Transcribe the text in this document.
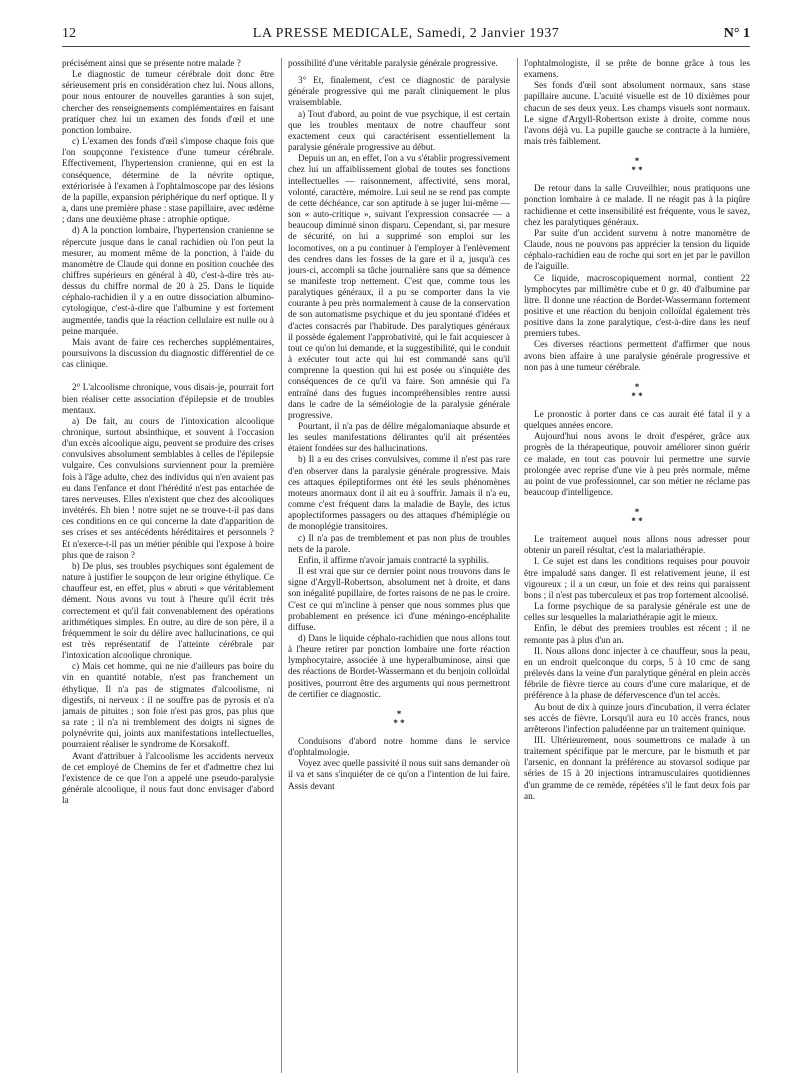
12	LA PRESSE MEDICALE, Samedi, 2 Janvier 1937	N° 1

précisément ainsi que se présente notre malade ?

Le diagnostic de tumeur cérébrale doit donc être sérieusement pris en considération chez lui. Nous allons, pour nous entourer de nouvelles garanties à son sujet, chercher des renseignements complémentaires en faisant pratiquer chez lui un examen des fonds d'œil et une ponction lombaire.

c) L'examen des fonds d'œil s'impose chaque fois que l'on soupçonne l'existence d'une tumeur cérébrale. Effectivement, l'hypertension cranienne, qui en est la conséquence, détermine de la névrite optique, extériorisée à l'examen à l'ophtalmoscope par des lésions de la papille, expansion périphérique du nerf optique. Il y a, dans une première phase : stase papillaire, avec œdème ; dans une deuxième phase : atrophie optique.

d) A la ponction lombaire, l'hypertension cranienne se répercute jusque dans le canal rachidien où l'on peut la mesurer, au moment même de la ponction, à l'aide du manomètre de Claude qui donne en position couchée des chiffres supérieurs en général à 40, c'est-à-dire très au-dessus du chiffre normal de 20 à 25. Dans le liquide céphalo-rachidien il y a en outre dissociation albumino-cytologique, c'est-à-dire que l'albumine y est fortement augmentée, tandis que la réaction cellulaire est nulle ou à peine marquée.

Mais avant de faire ces recherches supplémentaires, poursuivons la discussion du diagnostic différentiel de ce cas clinique.

2° L'alcoolisme chronique, vous disais-je, pourrait fort bien réaliser cette association d'épilepsie et de troubles mentaux.

a) De fait, au cours de l'intoxication alcoolique chronique, surtout absinthique, et souvent à l'occasion d'un excès alcoolique aigu, peuvent se produire des crises convulsives absolument semblables à celles de l'épilepsie vulgaire. Ces convulsions surviennent pour la première fois à l'âge adulte, chez des individus qui n'en avaient pas eu dans l'enfance et dont l'hérédité n'est pas entachée de tares nerveuses. Elles n'existent que chez des alcooliques invétérés. Eh bien ! notre sujet ne se trouve-t-il pas dans ces conditions en ce qui concerne la date d'apparition de ses crises et ses antécédents héréditaires et personnels ? Et n'exerce-t-il pas un métier pénible qui l'expose à boire plus que de raison ?

b) De plus, ses troubles psychiques sont également de nature à justifier le soupçon de leur origine éthylique. Ce chauffeur est, en effet, plus « abruti » que véritablement dément. Nous avons vu tout à l'heure qu'il écrit très correctement et qu'il fait convenablement des opérations arithmétiques simples. En outre, au dire de son père, il a fréquemment le soir du délire avec hallucinations, ce qui est très représentatif de l'atteinte cérébrale par l'intoxication alcoolique chronique.

c) Mais cet homme, qui ne nie d'ailleurs pas boire du vin en quantité notable, n'est pas franchement un éthylique. Il n'a pas de stigmates d'alcoolisme, ni digestifs, ni nerveux : il ne souffre pas de pyrosis et n'a jamais de pituites ; son foie n'est pas gros, pas plus que sa rate ; il n'a ni tremblement des doigts ni signes de polynévrite qui, joints aux manifestations intellectuelles, pourraient réaliser le syndrome de Korsakoff.

Avant d'attribuer à l'alcoolisme les accidents nerveux de cet employé de Chemins de fer et d'admettre chez lui l'existence de ce que l'on a appelé une pseudo-paralysie générale alcoolique, il nous faut donc envisager d'abord la

possibilité d'une véritable paralysie générale progressive.

3° Et, finalement, c'est ce diagnostic de paralysie générale progressive qui me paraît cliniquement le plus vraisemblable.

a) Tout d'abord, au point de vue psychique, il est certain que les troubles mentaux de notre chauffeur sont exactement ceux qui caractérisent essentiellement la paralysie générale progressive au début.

Depuis un an, en effet, l'on a vu s'établir progressivement chez lui un affaiblissement global de toutes ses fonctions intellectuelles — raisonnement, affectivité, sens moral, volonté, caractère, mémoire. Lui seul ne se rend pas compte de cette déchéance, car son aptitude à se juger lui-même — son « auto-critique », suivant l'expression consacrée — a beaucoup diminué sinon disparu. Cependant, si, par mesure de sécurité, on lui a supprimé son emploi sur les locomotives, on a pu continuer à l'employer à l'enlèvement des cendres dans les fosses de la gare et il a, jusqu'à ces jours-ci, accompli sa tâche journalière sans que sa démence se manifeste trop nettement. C'est que, comme tous les paralytiques généraux, il a pu se comporter dans la vie courante à peu près normalement à cause de la conservation de son automatisme psychique et du jeu spontané d'idées et d'actes consacrés par l'habitude. Des paralytiques généraux il possède également l'approbativité, qui le fait acquiescer à tout ce qu'on lui demande, et la suggestibilité, qui le conduit à exécuter tout acte qui lui est commandé sans qu'il comprenne la question qui lui est posée ou s'inquiète des conséquences de ce qu'il va faire. Son amnésie qui l'a entraîné dans des fugues incompréhensibles rentre aussi dans le cadre de la séméiologie de la paralysie générale progressive.

Pourtant, il n'a pas de délire mégalomaniaque absurde et les seules manifestations délirantes qu'il ait présentées étaient fondées sur des hallucinations.

b) Il a eu des crises convulsives, comme il n'est pas rare d'en observer dans la paralysie générale progressive. Mais ces attaques épileptiformes ont été les seuls phénomènes moteurs anormaux dont il ait eu à souffrir. Jamais il n'a eu, comme c'est fréquent dans la maladie de Bayle, des ictus apoplectiformes passagers ou des attaques d'hémiplégie ou de monoplégie transitoires.

c) Il n'a pas de tremblement et pas non plus de troubles nets de la parole.

Enfin, il affirme n'avoir jamais contracté la syphilis.

Il est vrai que sur ce dernier point nous trouvons dans le signe d'Argyll-Robertson, absolument net à droite, et dans son inégalité pupillaire, de fortes raisons de ne pas le croire. C'est ce qui m'incline à penser que nous sommes plus que probablement en présence ici d'une méningo-encéphalite diffuse.

d) Dans le liquide céphalo-rachidien que nous allons tout à l'heure retirer par ponction lombaire une forte réaction lymphocytaire, associée à une hyperalbuminose, ainsi que des réactions de Bordet-Wassermann et du benjoin colloïdal positives, pourront être des arguments qui nous permettront de certifier ce diagnostic.

*
* *

Conduisons d'abord notre homme dans le service d'ophtalmologie.

Voyez avec quelle passivité il nous suit sans demander où il va et sans s'inquiéter de ce qu'on a l'intention de lui faire. Assis devant

l'ophtalmologiste, il se prête de bonne grâce à tous les examens.

Ses fonds d'œil sont absolument normaux, sans stase papillaire aucune. L'acuité visuelle est de 10 dixièmes pour chacun de ses deux yeux. Les champs visuels sont normaux. Le signe d'Argyll-Robertson existe à droite, comme nous l'avons déjà vu. La pupille gauche se contracte à la lumière, mais très faiblement.

*
* *

De retour dans la salle Cruveilhier, nous pratiquons une ponction lombaire à ce malade. Il ne réagit pas à la piqûre rachidienne et cette insensibilité est fréquente, vous le savez, chez les paralytiques généraux.

Par suite d'un accident survenu à notre manomètre de Claude, nous ne pouvons pas apprécier la tension du liquide céphalo-rachidien eau de roche qui sort en jet par le pavillon de l'aiguille.

Ce liquide, macroscopiquement normal, contient 22 lymphocytes par millimètre cube et 0 gr. 40 d'albumine par litre. Il donne une réaction de Bordet-Wassermann fortement positive et une réaction du benjoin colloïdal également très positive dans la zone paralytique, c'est-à-dire dans les neuf premiers tubes.

Ces diverses réactions permettent d'affirmer que nous avons bien affaire à une paralysie générale progressive et non pas à une tumeur cérébrale.

*
* *

Le pronostic à porter dans ce cas aurait été fatal il y a quelques années encore.

Aujourd'hui nous avons le droit d'espérer, grâce aux progrès de la thérapeutique, pouvoir améliorer sinon guérir ce malade, en tout cas pouvoir lui permettre une survie prolongée avec reprise d'une vie à peu près normale, même au point de vue professionnel, car son métier ne réclame pas beaucoup d'intelligence.

*
* *

Le traitement auquel nous allons nous adresser pour obtenir un pareil résultat, c'est la malariathérapie.

I. Ce sujet est dans les conditions requises pour pouvoir être impaludé sans danger. Il est relativement jeune, il est vigoureux ; il a un cœur, un foie et des reins qui paraissent bons ; il n'est pas tuberculeux et pas trop fortement alcoolisé.

La forme psychique de sa paralysie générale est une de celles sur lesquelles la malariathérapie agit le mieux.

Enfin, le début des premiers troubles est récent ; il ne remonte pas à plus d'un an.

II. Nous allons donc injecter à ce chauffeur, sous la peau, en un endroit quelconque du corps, 5 à 10 cmc de sang prélevés dans la veine d'un paralytique général en plein accès fébrile de fièvre tierce au cours d'une cure malarique, et de préférence à la phase de défervescence d'un tel accès.

Au bout de dix à quinze jours d'incubation, il verra éclater ses accès de fièvre. Lorsqu'il aura eu 10 accès francs, nous arrêterons l'infection paludéenne par un traitement quinique.

III. Ultérieurement, nous soumettrons ce malade à un traitement spécifique par le mercure, par le bismuth et par l'arsenic, en donnant la préférence au stovarsol sodique par séries de 15 à 20 injections intramusculaires quotidiennes d'un gramme de ce remède, répétées s'il le faut deux fois par an.
